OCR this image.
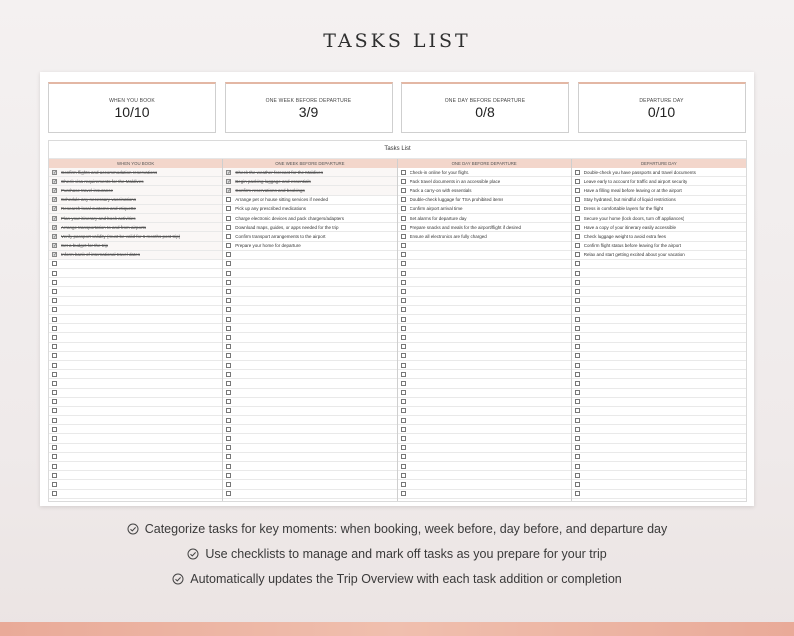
TASKS LIST
WHEN YOU BOOK
10/10
ONE WEEK BEFORE DEPARTURE
3/9
ONE DAY BEFORE DEPARTURE
0/8
DEPARTURE DAY
0/10
Tasks List
WHEN YOU BOOK
✓ Confirm flights and accommodation reservations
✓ Check visa requirements for the Maldives
✓ Purchase travel insurance
✓ Schedule any necessary vaccinations
✓ Research local customs and etiquette
✓ Plan your itinerary and book activities
✓ Arrange transportation to and from airports
✓ Verify passport validity (must be valid for 6 months post-trip)
✓ Set a budget for the trip
✓ Inform bank of international travel dates
ONE WEEK BEFORE DEPARTURE
✓ Check the weather forecast for the Maldives
✓ Begin packing luggage and essentials
✓ Confirm reservations and bookings
Arrange pet or house sitting services if needed
Pick up any prescribed medications
Charge electronic devices and pack chargers/adapters
Download maps, guides, or apps needed for the trip
Confirm transport arrangements to the airport
Prepare your home for departure
ONE DAY BEFORE DEPARTURE
Check-in online for your flight.
Pack travel documents in an accessible place
Pack a carry-on with essentials
Double-check luggage for TSA prohibited items
Confirm airport arrival time
Set alarms for departure day
Prepare snacks and meals for the airport/flight if desired
Ensure all electronics are fully charged
DEPARTURE DAY
Double-check you have passports and travel documents
Leave early to account for traffic and airport security
Have a filling meal before leaving or at the airport
Stay hydrated, but mindful of liquid restrictions
Dress in comfortable layers for the flight
Secure your home (lock doors, turn off appliances)
Have a copy of your itinerary easily accessible
Check luggage weight to avoid extra fees
Confirm flight status before leaving for the airport
Relax and start getting excited about your vacation
Categorize tasks for key moments: when booking, week before, day before, and departure day
Use checklists to manage and mark off tasks as you prepare for your trip
Automatically updates the Trip Overview with each task addition or completion
